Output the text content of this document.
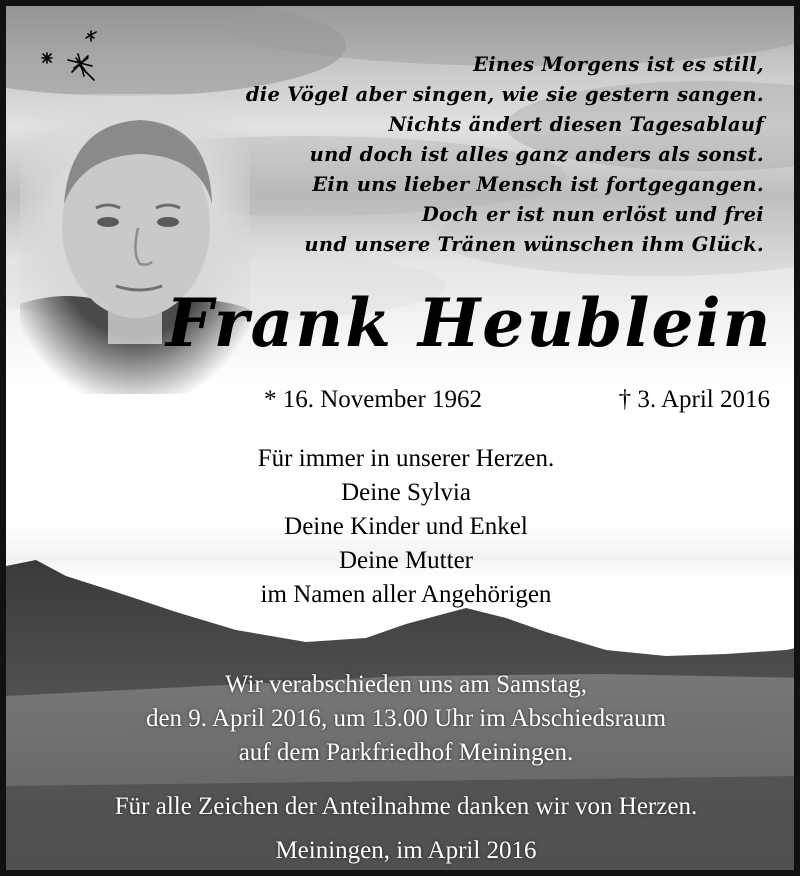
Eines Morgens ist es still,
die Vögel aber singen, wie sie gestern sangen.
Nichts ändert diesen Tagesablauf
und doch ist alles ganz anders als sonst.
Ein uns lieber Mensch ist fortgegangen.
Doch er ist nun erlöst und frei
und unsere Tränen wünschen ihm Glück.
Frank Heublein
* 16. November 1962	† 3. April 2016
Für immer in unserer Herzen.
Deine Sylvia
Deine Kinder und Enkel
Deine Mutter
im Namen aller Angehörigen
Wir verabschieden uns am Samstag,
den 9. April 2016, um 13.00 Uhr im Abschiedsraum
auf dem Parkfriedhof Meiningen.
Für alle Zeichen der Anteilnahme danken wir von Herzen.
Meiningen, im April 2016
